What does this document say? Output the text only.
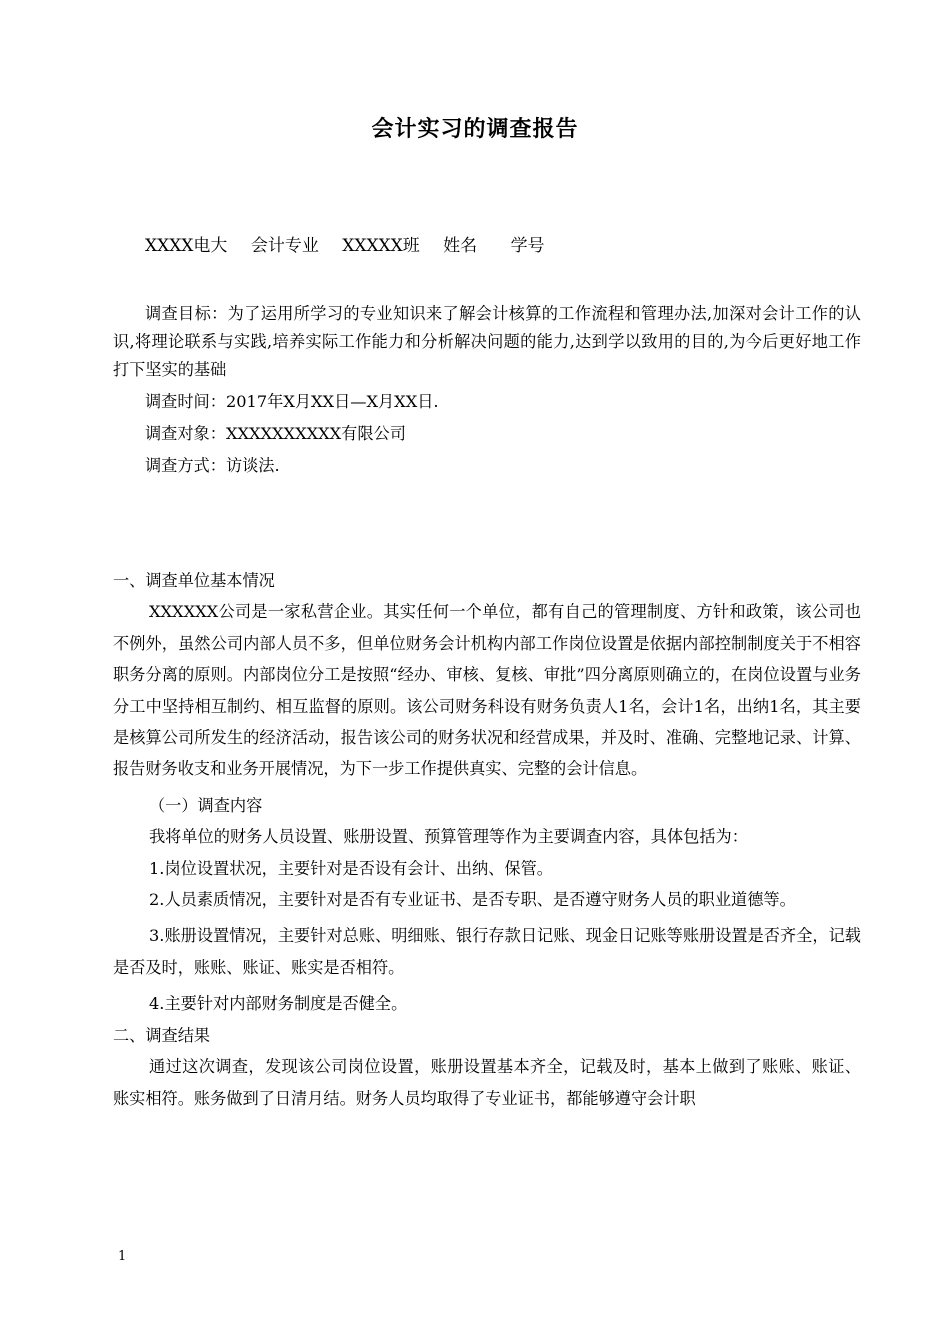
会计实习的调查报告
XXXX电大 会计专业 XXXXX班 姓名 学号

调查目标：为了运用所学习的专业知识来了解会计核算的工作流程和管理办法,加深对会计工作的认识,将理论联系与实践,培养实际工作能力和分析解决问题的能力,达到学以致用的目的,为今后更好地工作打下坚实的基础

调查时间：2017年X月XX日—X月XX日.

调查对象：XXXXXXXXXX有限公司

调查方式：访谈法.

一、调查单位基本情况

XXXXXX公司是一家私营企业。其实任何一个单位，都有自己的管理制度、方针和政策，该公司也不例外，虽然公司内部人员不多，但单位财务会计机构内部工作岗位设置是依据内部控制制度关于不相容职务分离的原则。内部岗位分工是按照“经办、审核、复核、审批”四分离原则确立的，在岗位设置与业务分工中坚持相互制约、相互监督的原则。该公司财务科设有财务负责人1名，会计1名，出纳1名，其主要是核算公司所发生的经济活动，报告该公司的财务状况和经营成果，并及时、准确、完整地记录、计算、报告财务收支和业务开展情况，为下一步工作提供真实、完整的会计信息。

（一）调查内容

我将单位的财务人员设置、账册设置、预算管理等作为主要调查内容，具体包括为：

1.岗位设置状况，主要针对是否设有会计、出纳、保管。

2.人员素质情况，主要针对是否有专业证书、是否专职、是否遵守财务人员的职业道德等。

3.账册设置情况，主要针对总账、明细账、银行存款日记账、现金日记账等账册设置是否齐全，记载是否及时，账账、账证、账实是否相符。

4.主要针对内部财务制度是否健全。

二、调查结果

通过这次调查，发现该公司岗位设置，账册设置基本齐全，记载及时，基本上做到了账账、账证、账实相符。账务做到了日清月结。财务人员均取得了专业证书，都能够遵守会计职

1
